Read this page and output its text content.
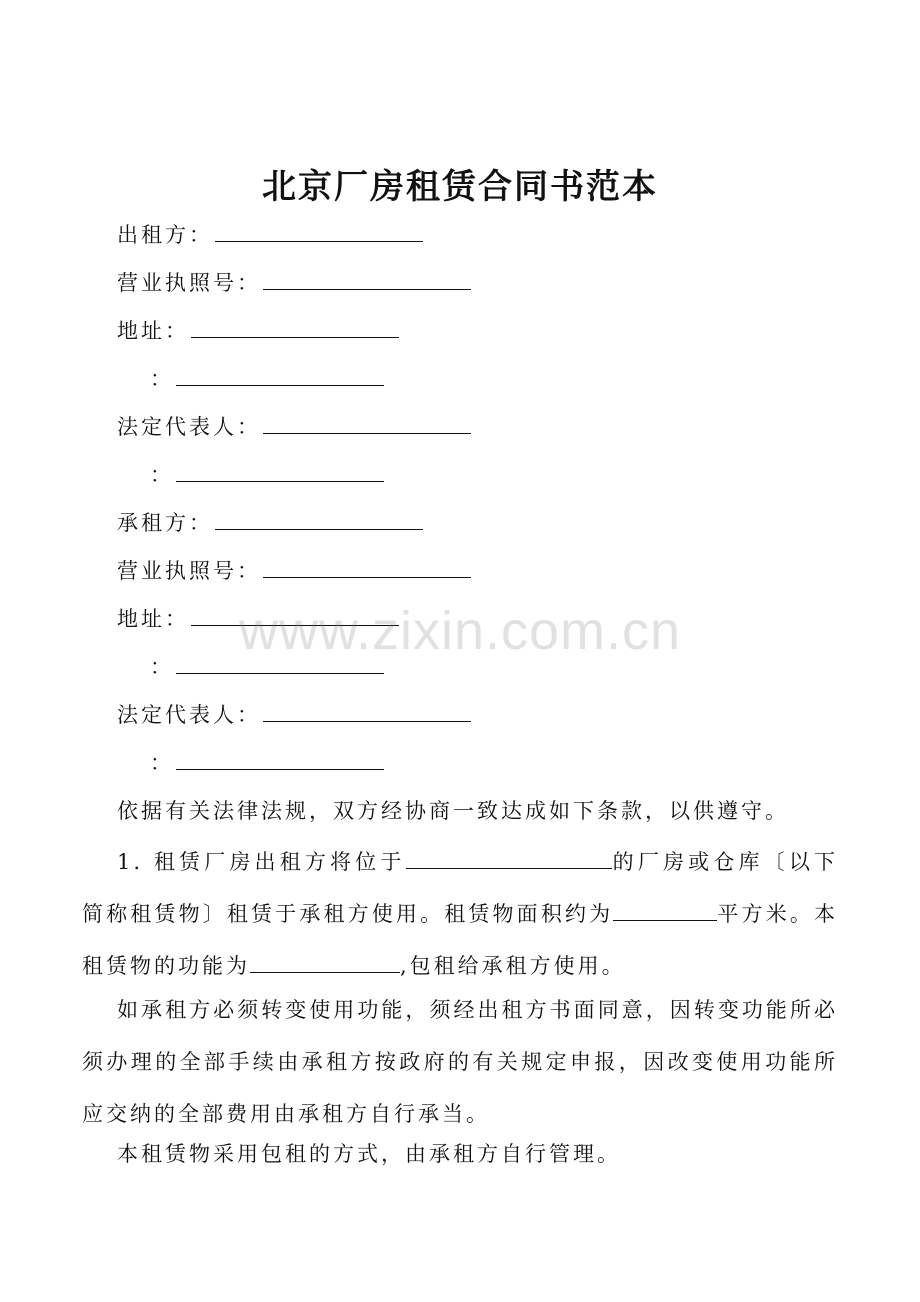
北京厂房租赁合同书范本
出租方：
营业执照号：
地址：
：
法定代表人：
：
承租方：
营业执照号：
地址：
：
法定代表人：
：
依据有关法律法规，双方经协商一致达成如下条款，以供遵守。
1. 租赁厂房出租方将位于	的厂房或仓库〔以下简称租赁物〕租赁于承租方使用。租赁物面积约为	平方米。本租赁物的功能为	,包租给承租方使用。
如承租方必须转变使用功能，须经出租方书面同意，因转变功能所必须办理的全部手续由承租方按政府的有关规定申报，因改变使用功能所应交纳的全部费用由承租方自行承当。
本租赁物采用包租的方式，由承租方自行管理。
www.zixin.com.cn
